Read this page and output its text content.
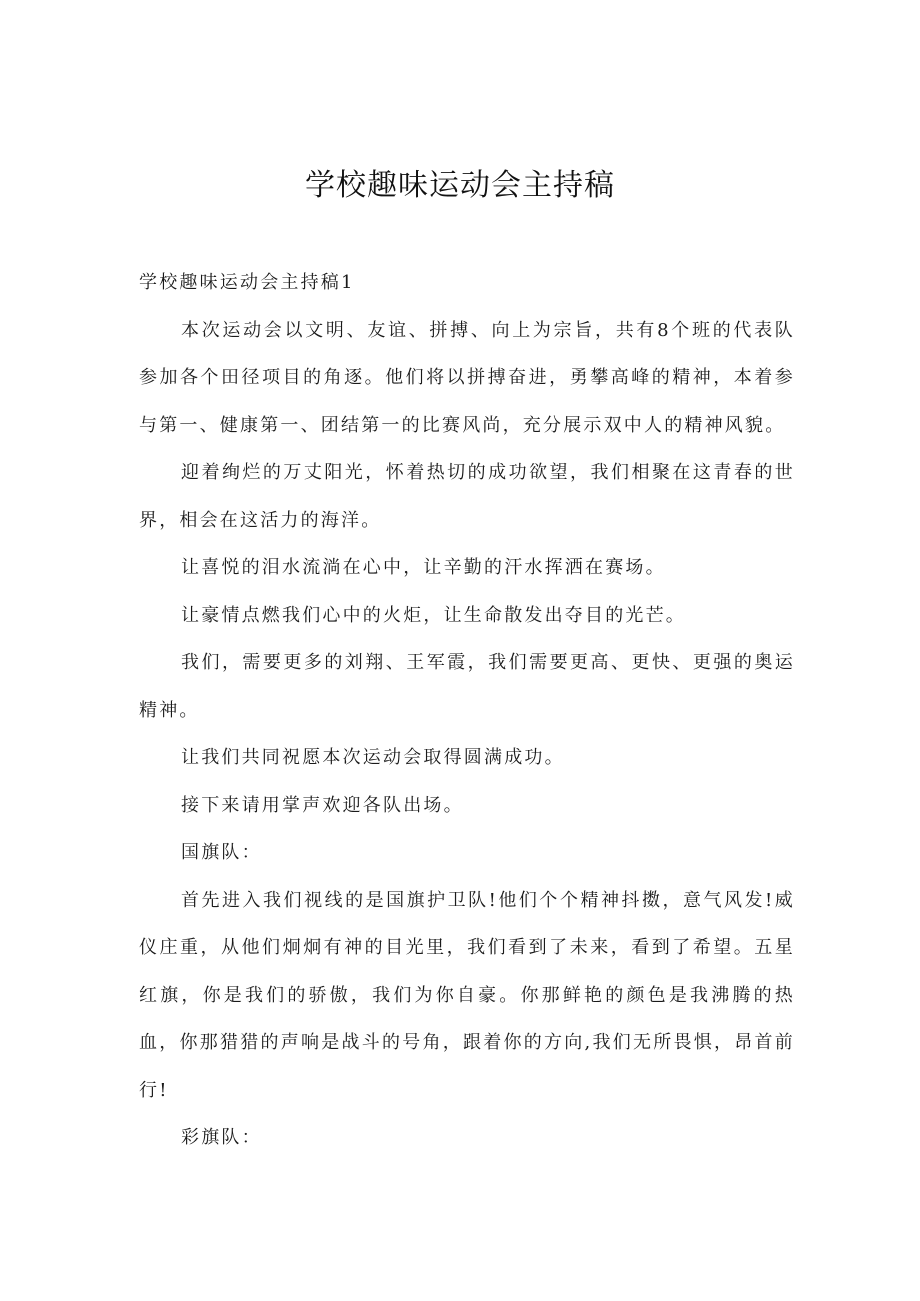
学校趣味运动会主持稿

学校趣味运动会主持稿1

本次运动会以文明、友谊、拼搏、向上为宗旨，共有8个班的代表队参加各个田径项目的角逐。他们将以拼搏奋进，勇攀高峰的精神，本着参与第一、健康第一、团结第一的比赛风尚，充分展示双中人的精神风貌。

迎着绚烂的万丈阳光，怀着热切的成功欲望，我们相聚在这青春的世界，相会在这活力的海洋。

让喜悦的泪水流淌在心中，让辛勤的汗水挥洒在赛场。

让豪情点燃我们心中的火炬，让生命散发出夺目的光芒。

我们，需要更多的刘翔、王军霞，我们需要更高、更快、更强的奥运精神。

让我们共同祝愿本次运动会取得圆满成功。

接下来请用掌声欢迎各队出场。

国旗队：

首先进入我们视线的是国旗护卫队!他们个个精神抖擞，意气风发!威仪庄重，从他们炯炯有神的目光里，我们看到了未来，看到了希望。五星红旗，你是我们的骄傲，我们为你自豪。你那鲜艳的颜色是我沸腾的热血，你那猎猎的声响是战斗的号角，跟着你的方向,我们无所畏惧，昂首前行!

彩旗队：
